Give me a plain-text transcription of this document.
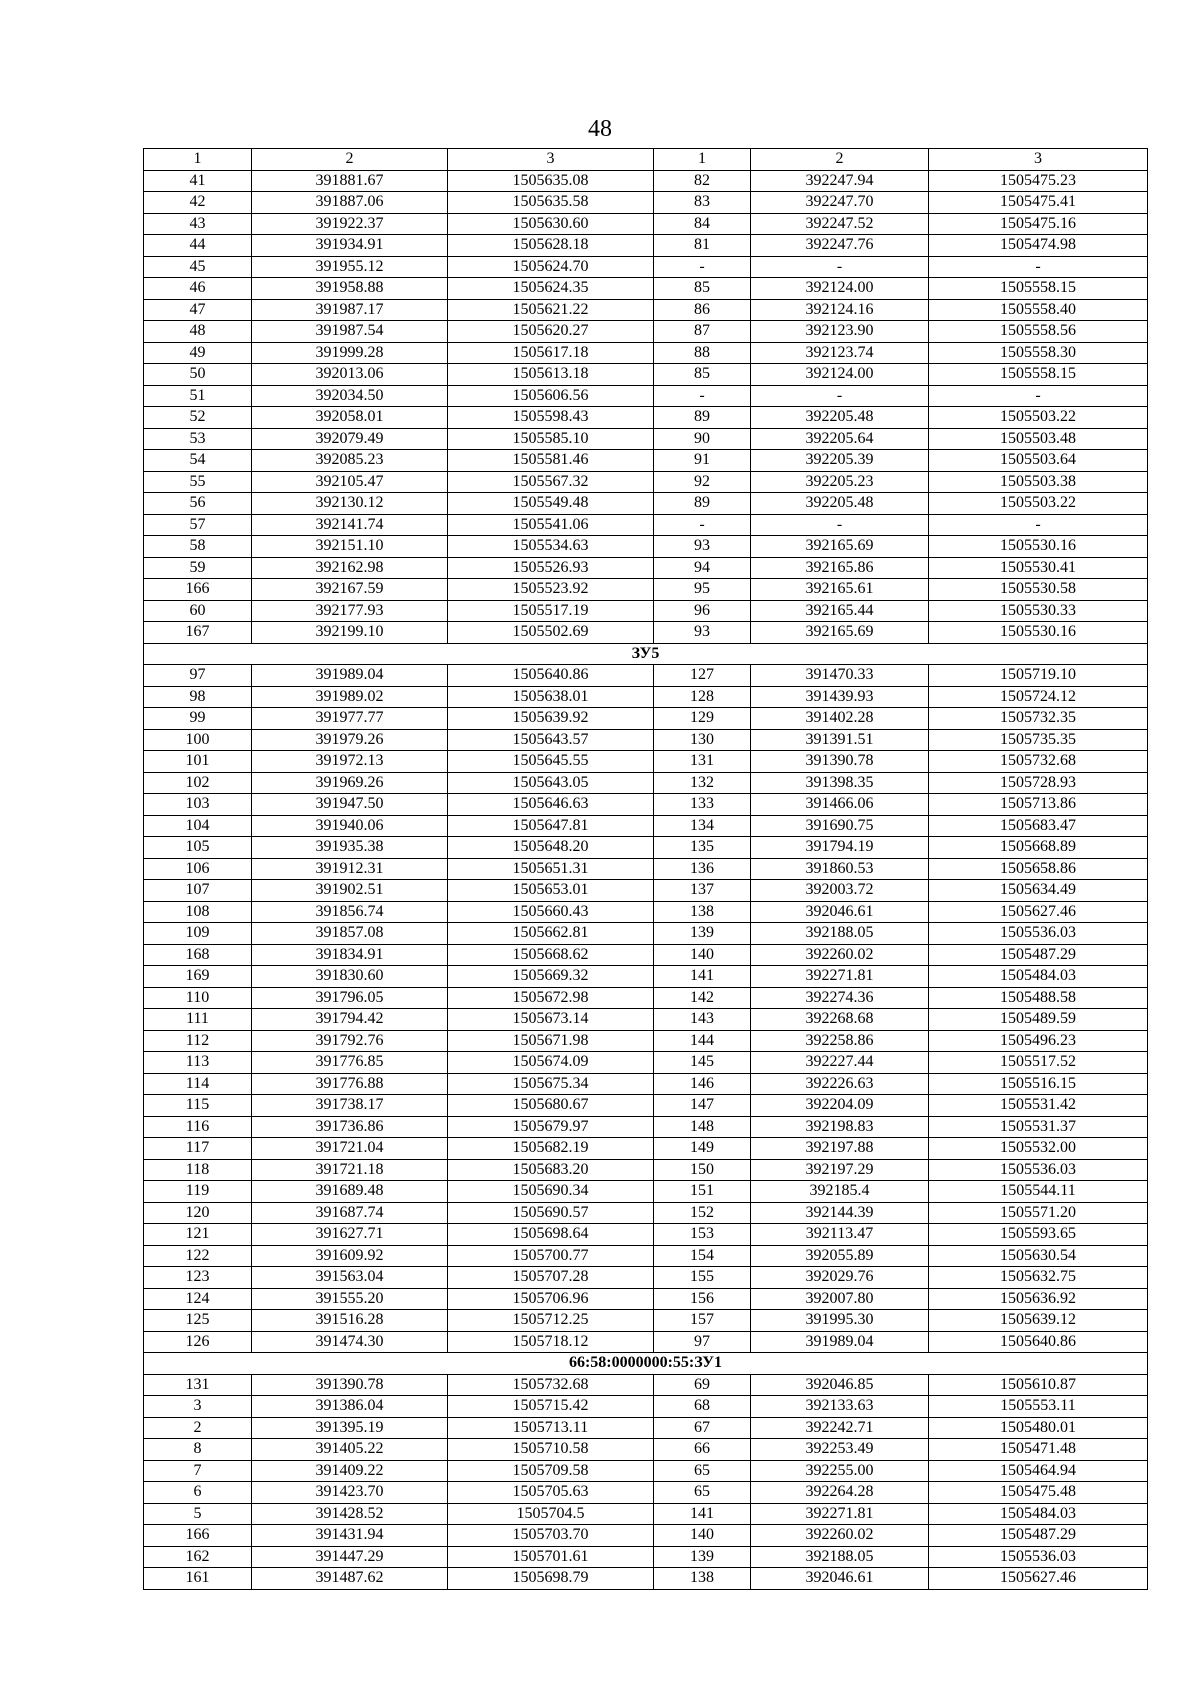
48
1	2	3	1	2	3
41	391881.67	1505635.08	82	392247.94	1505475.23
42	391887.06	1505635.58	83	392247.70	1505475.41
43	391922.37	1505630.60	84	392247.52	1505475.16
44	391934.91	1505628.18	81	392247.76	1505474.98
45	391955.12	1505624.70	-	-	-
46	391958.88	1505624.35	85	392124.00	1505558.15
47	391987.17	1505621.22	86	392124.16	1505558.40
48	391987.54	1505620.27	87	392123.90	1505558.56
49	391999.28	1505617.18	88	392123.74	1505558.30
50	392013.06	1505613.18	85	392124.00	1505558.15
51	392034.50	1505606.56	-	-	-
52	392058.01	1505598.43	89	392205.48	1505503.22
53	392079.49	1505585.10	90	392205.64	1505503.48
54	392085.23	1505581.46	91	392205.39	1505503.64
55	392105.47	1505567.32	92	392205.23	1505503.38
56	392130.12	1505549.48	89	392205.48	1505503.22
57	392141.74	1505541.06	-	-	-
58	392151.10	1505534.63	93	392165.69	1505530.16
59	392162.98	1505526.93	94	392165.86	1505530.41
166	392167.59	1505523.92	95	392165.61	1505530.58
60	392177.93	1505517.19	96	392165.44	1505530.33
167	392199.10	1505502.69	93	392165.69	1505530.16
ЗУ5					
97	391989.04	1505640.86	127	391470.33	1505719.10
98	391989.02	1505638.01	128	391439.93	1505724.12
99	391977.77	1505639.92	129	391402.28	1505732.35
100	391979.26	1505643.57	130	391391.51	1505735.35
101	391972.13	1505645.55	131	391390.78	1505732.68
102	391969.26	1505643.05	132	391398.35	1505728.93
103	391947.50	1505646.63	133	391466.06	1505713.86
104	391940.06	1505647.81	134	391690.75	1505683.47
105	391935.38	1505648.20	135	391794.19	1505668.89
106	391912.31	1505651.31	136	391860.53	1505658.86
107	391902.51	1505653.01	137	392003.72	1505634.49
108	391856.74	1505660.43	138	392046.61	1505627.46
109	391857.08	1505662.81	139	392188.05	1505536.03
168	391834.91	1505668.62	140	392260.02	1505487.29
169	391830.60	1505669.32	141	392271.81	1505484.03
110	391796.05	1505672.98	142	392274.36	1505488.58
111	391794.42	1505673.14	143	392268.68	1505489.59
112	391792.76	1505671.98	144	392258.86	1505496.23
113	391776.85	1505674.09	145	392227.44	1505517.52
114	391776.88	1505675.34	146	392226.63	1505516.15
115	391738.17	1505680.67	147	392204.09	1505531.42
116	391736.86	1505679.97	148	392198.83	1505531.37
117	391721.04	1505682.19	149	392197.88	1505532.00
118	391721.18	1505683.20	150	392197.29	1505536.03
119	391689.48	1505690.34	151	392185.4	1505544.11
120	391687.74	1505690.57	152	392144.39	1505571.20
121	391627.71	1505698.64	153	392113.47	1505593.65
122	391609.92	1505700.77	154	392055.89	1505630.54
123	391563.04	1505707.28	155	392029.76	1505632.75
124	391555.20	1505706.96	156	392007.80	1505636.92
125	391516.28	1505712.25	157	391995.30	1505639.12
126	391474.30	1505718.12	97	391989.04	1505640.86
66:58:0000000:55:ЗУ1					
131	391390.78	1505732.68	69	392046.85	1505610.87
3	391386.04	1505715.42	68	392133.63	1505553.11
2	391395.19	1505713.11	67	392242.71	1505480.01
8	391405.22	1505710.58	66	392253.49	1505471.48
7	391409.22	1505709.58	65	392255.00	1505464.94
6	391423.70	1505705.63	65	392264.28	1505475.48
5	391428.52	1505704.5	141	392271.81	1505484.03
166	391431.94	1505703.70	140	392260.02	1505487.29
162	391447.29	1505701.61	139	392188.05	1505536.03
161	391487.62	1505698.79	138	392046.61	1505627.46
